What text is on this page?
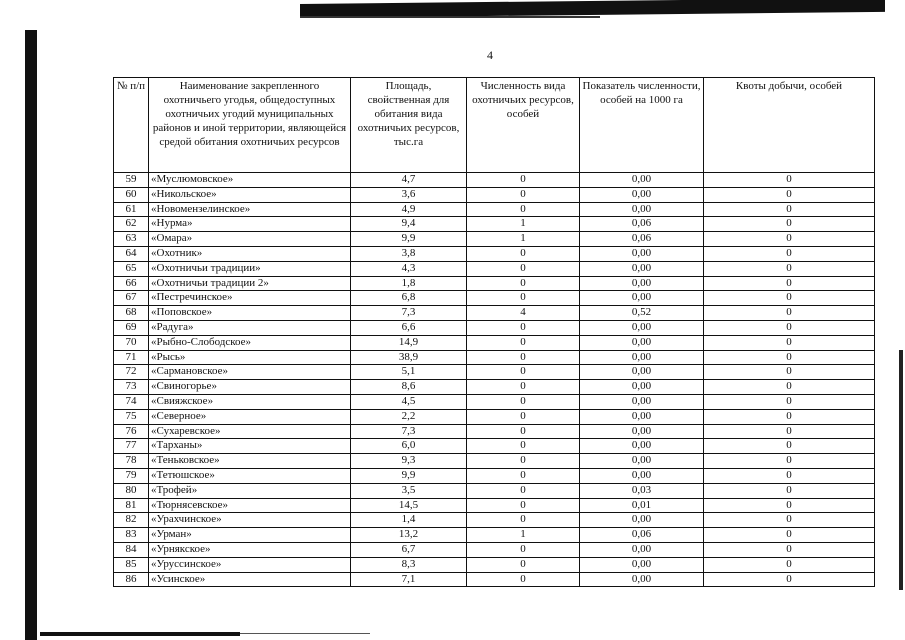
4
№ п/п	Наименование закрепленного охотничьего угодья, общедоступных охотничьих угодий муниципальных районов и иной территории, являющейся средой обитания охотничьих ресурсов	Площадь, свойственная для обитания вида охотничьих ресурсов, тыс.га	Численность вида охотничьих ресурсов, особей	Показатель численности, особей на 1000 га	Квоты добычи, особей
59	«Муслюмовское»	4,7	0	0,00	0
60	«Никольское»	3,6	0	0,00	0
61	«Новомензелинское»	4,9	0	0,00	0
62	«Нурма»	9,4	1	0,06	0
63	«Омара»	9,9	1	0,06	0
64	«Охотник»	3,8	0	0,00	0
65	«Охотничьи традиции»	4,3	0	0,00	0
66	«Охотничьи традиции 2»	1,8	0	0,00	0
67	«Пестречинское»	6,8	0	0,00	0
68	«Поповское»	7,3	4	0,52	0
69	«Радуга»	6,6	0	0,00	0
70	«Рыбно-Слободское»	14,9	0	0,00	0
71	«Рысь»	38,9	0	0,00	0
72	«Сармановское»	5,1	0	0,00	0
73	«Свиногорье»	8,6	0	0,00	0
74	«Свияжское»	4,5	0	0,00	0
75	«Северное»	2,2	0	0,00	0
76	«Сухаревское»	7,3	0	0,00	0
77	«Тарханы»	6,0	0	0,00	0
78	«Теньковское»	9,3	0	0,00	0
79	«Тетюшское»	9,9	0	0,00	0
80	«Трофей»	3,5	0	0,03	0
81	«Тюрнясевское»	14,5	0	0,01	0
82	«Урахчинское»	1,4	0	0,00	0
83	«Урман»	13,2	1	0,06	0
84	«Урнякское»	6,7	0	0,00	0
85	«Уруссинское»	8,3	0	0,00	0
86	«Усинское»	7,1	0	0,00	0
